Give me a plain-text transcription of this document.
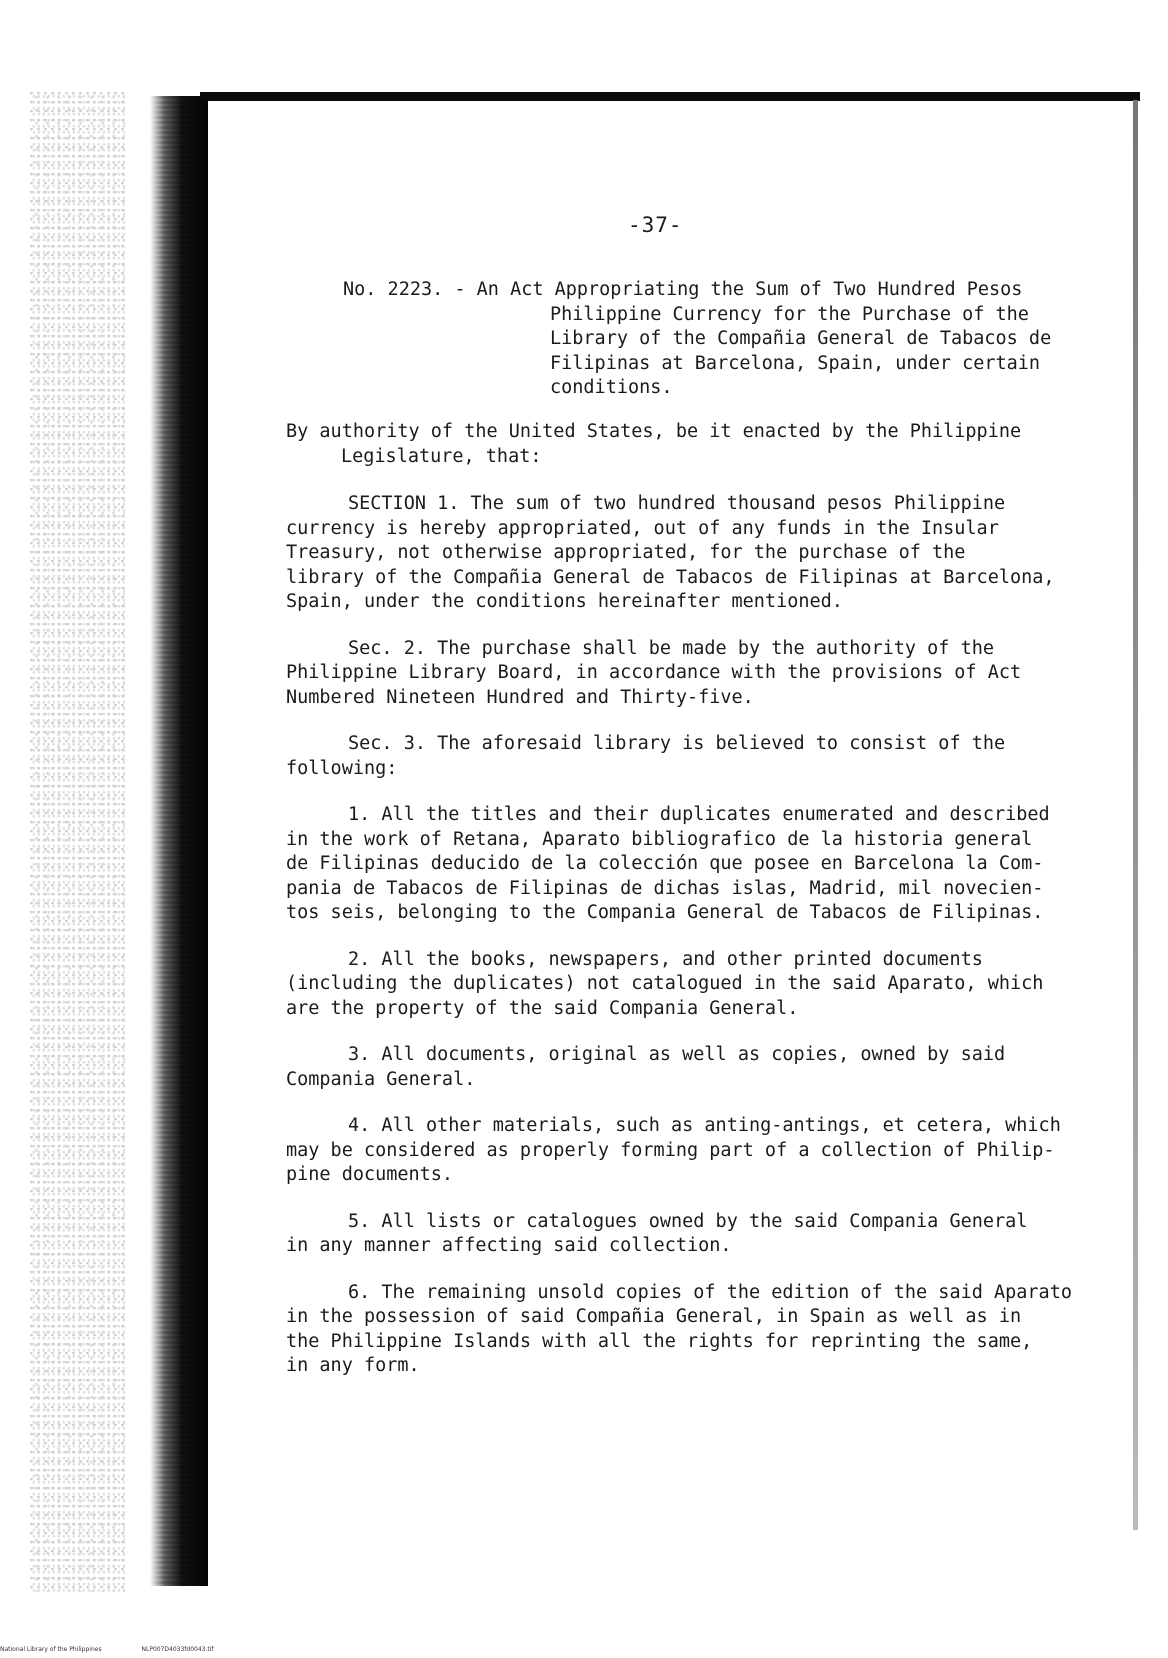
-37-
No. 2223. - An Act Appropriating the Sum of Two Hundred Pesos
Philippine Currency for the Purchase of the
Library of the Compañia General de Tabacos de
Filipinas at Barcelona, Spain, under certain
conditions.
By authority of the United States, be it enacted by the Philippine
Legislature, that:
SECTION 1. The sum of two hundred thousand pesos Philippine
currency is hereby appropriated, out of any funds in the Insular
Treasury, not otherwise appropriated, for the purchase of the
library of the Compañia General de Tabacos de Filipinas at Barcelona,
Spain, under the conditions hereinafter mentioned.
Sec. 2. The purchase shall be made by the authority of the
Philippine Library Board, in accordance with the provisions of Act
Numbered Nineteen Hundred and Thirty-five.
Sec. 3. The aforesaid library is believed to consist of the
following:
1. All the titles and their duplicates enumerated and described
in the work of Retana, Aparato bibliografico de la historia general
de Filipinas deducido de la colección que posee en Barcelona la Com-
pania de Tabacos de Filipinas de dichas islas, Madrid, mil novecien-
tos seis, belonging to the Compania General de Tabacos de Filipinas.
2. All the books, newspapers, and other printed documents
(including the duplicates) not catalogued in the said Aparato, which
are the property of the said Compania General.
3. All documents, original as well as copies, owned by said
Compania General.
4. All other materials, such as anting-antings, et cetera, which
may be considered as properly forming part of a collection of Philip-
pine documents.
5. All lists or catalogues owned by the said Compania General
in any manner affecting said collection.
6. The remaining unsold copies of the edition of the said Aparato
in the possession of said Compañia General, in Spain as well as in
the Philippine Islands with all the rights for reprinting the same,
in any form.
National Library of the Philippines	NLP007D4033fd0043.tif
